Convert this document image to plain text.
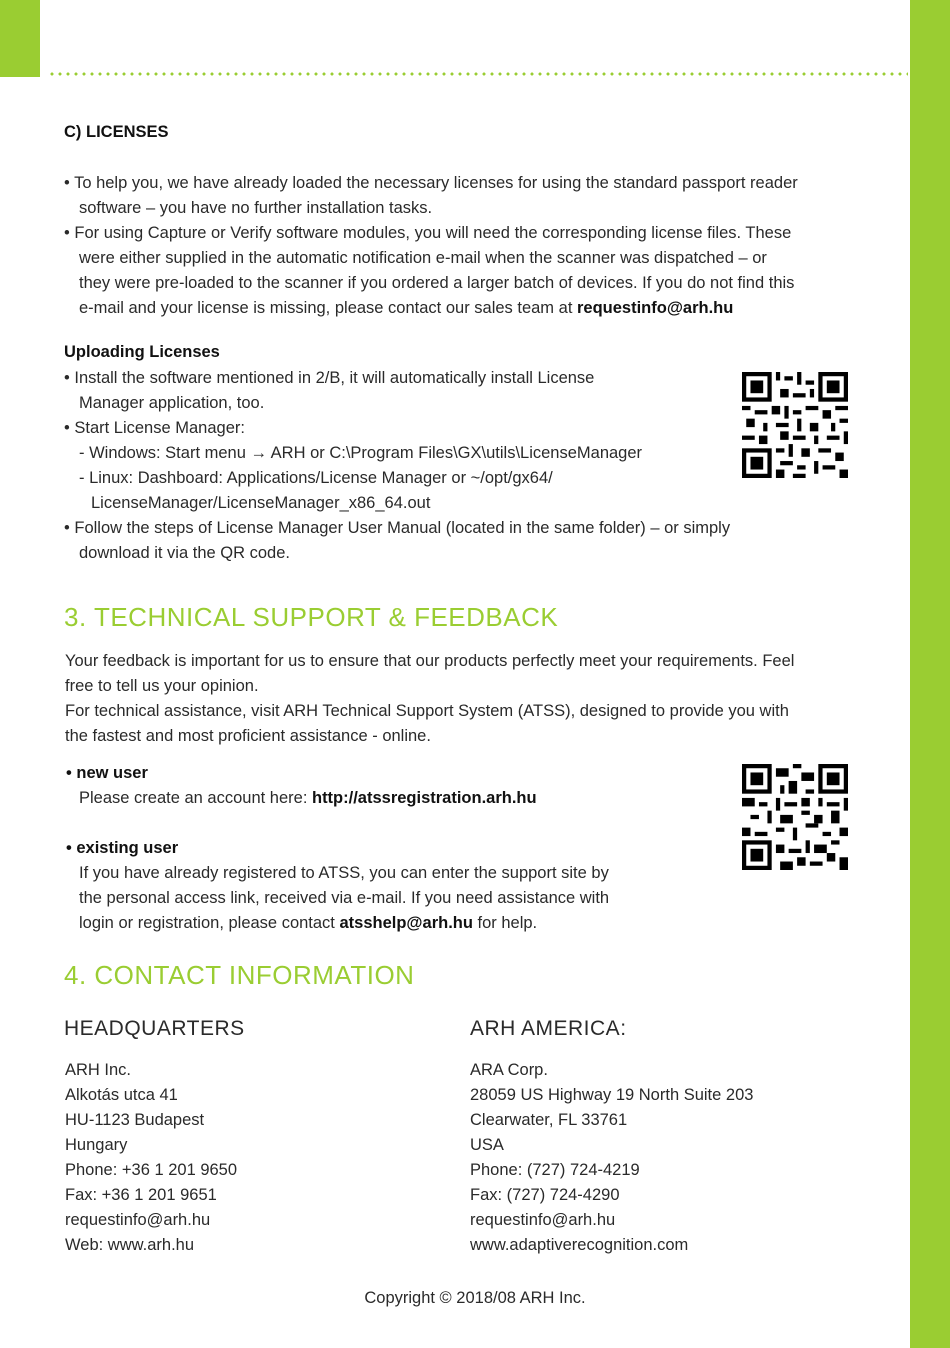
C) LICENSES
• To help you, we have already loaded the necessary licenses for using the standard passport reader
software – you have no further installation tasks.
• For using Capture or Verify software modules, you will need the corresponding license files. These
were either supplied in the automatic notification e-mail when the scanner was dispatched – or
they were pre-loaded to the scanner if you ordered a larger batch of devices. If you do not find this
e-mail and your license is missing, please contact our sales team at requestinfo@arh.hu
Uploading Licenses
• Install the software mentioned in 2/B, it will automatically install License
Manager application, too.
• Start License Manager:
- Windows: Start menu → ARH or C:\Program Files\GX\utils\LicenseManager
- Linux: Dashboard: Applications/License Manager or ~/opt/gx64/
LicenseManager/LicenseManager_x86_64.out
• Follow the steps of License Manager User Manual (located in the same folder) – or simply
download it via the QR code.
3. TECHNICAL SUPPORT & FEEDBACK
Your feedback is important for us to ensure that our products perfectly meet your requirements. Feel
free to tell us your opinion.
For technical assistance, visit ARH Technical Support System (ATSS), designed to provide you with
the fastest and most proficient assistance - online.
• new user
Please create an account here: http://atssregistration.arh.hu
• existing user
If you have already registered to ATSS, you can enter the support site by
the personal access link, received via e-mail. If you need assistance with
login or registration, please contact atsshelp@arh.hu for help.
4. CONTACT INFORMATION
HEADQUARTERS
ARH Inc.
Alkotás utca 41
HU-1123 Budapest
Hungary
Phone: +36 1 201 9650
Fax: +36 1 201 9651
requestinfo@arh.hu
Web: www.arh.hu
ARH AMERICA:
ARA Corp.
28059 US Highway 19 North Suite 203
Clearwater, FL 33761
USA
Phone: (727) 724-4219
Fax: (727) 724-4290
requestinfo@arh.hu
www.adaptiverecognition.com
Copyright © 2018/08 ARH Inc.
